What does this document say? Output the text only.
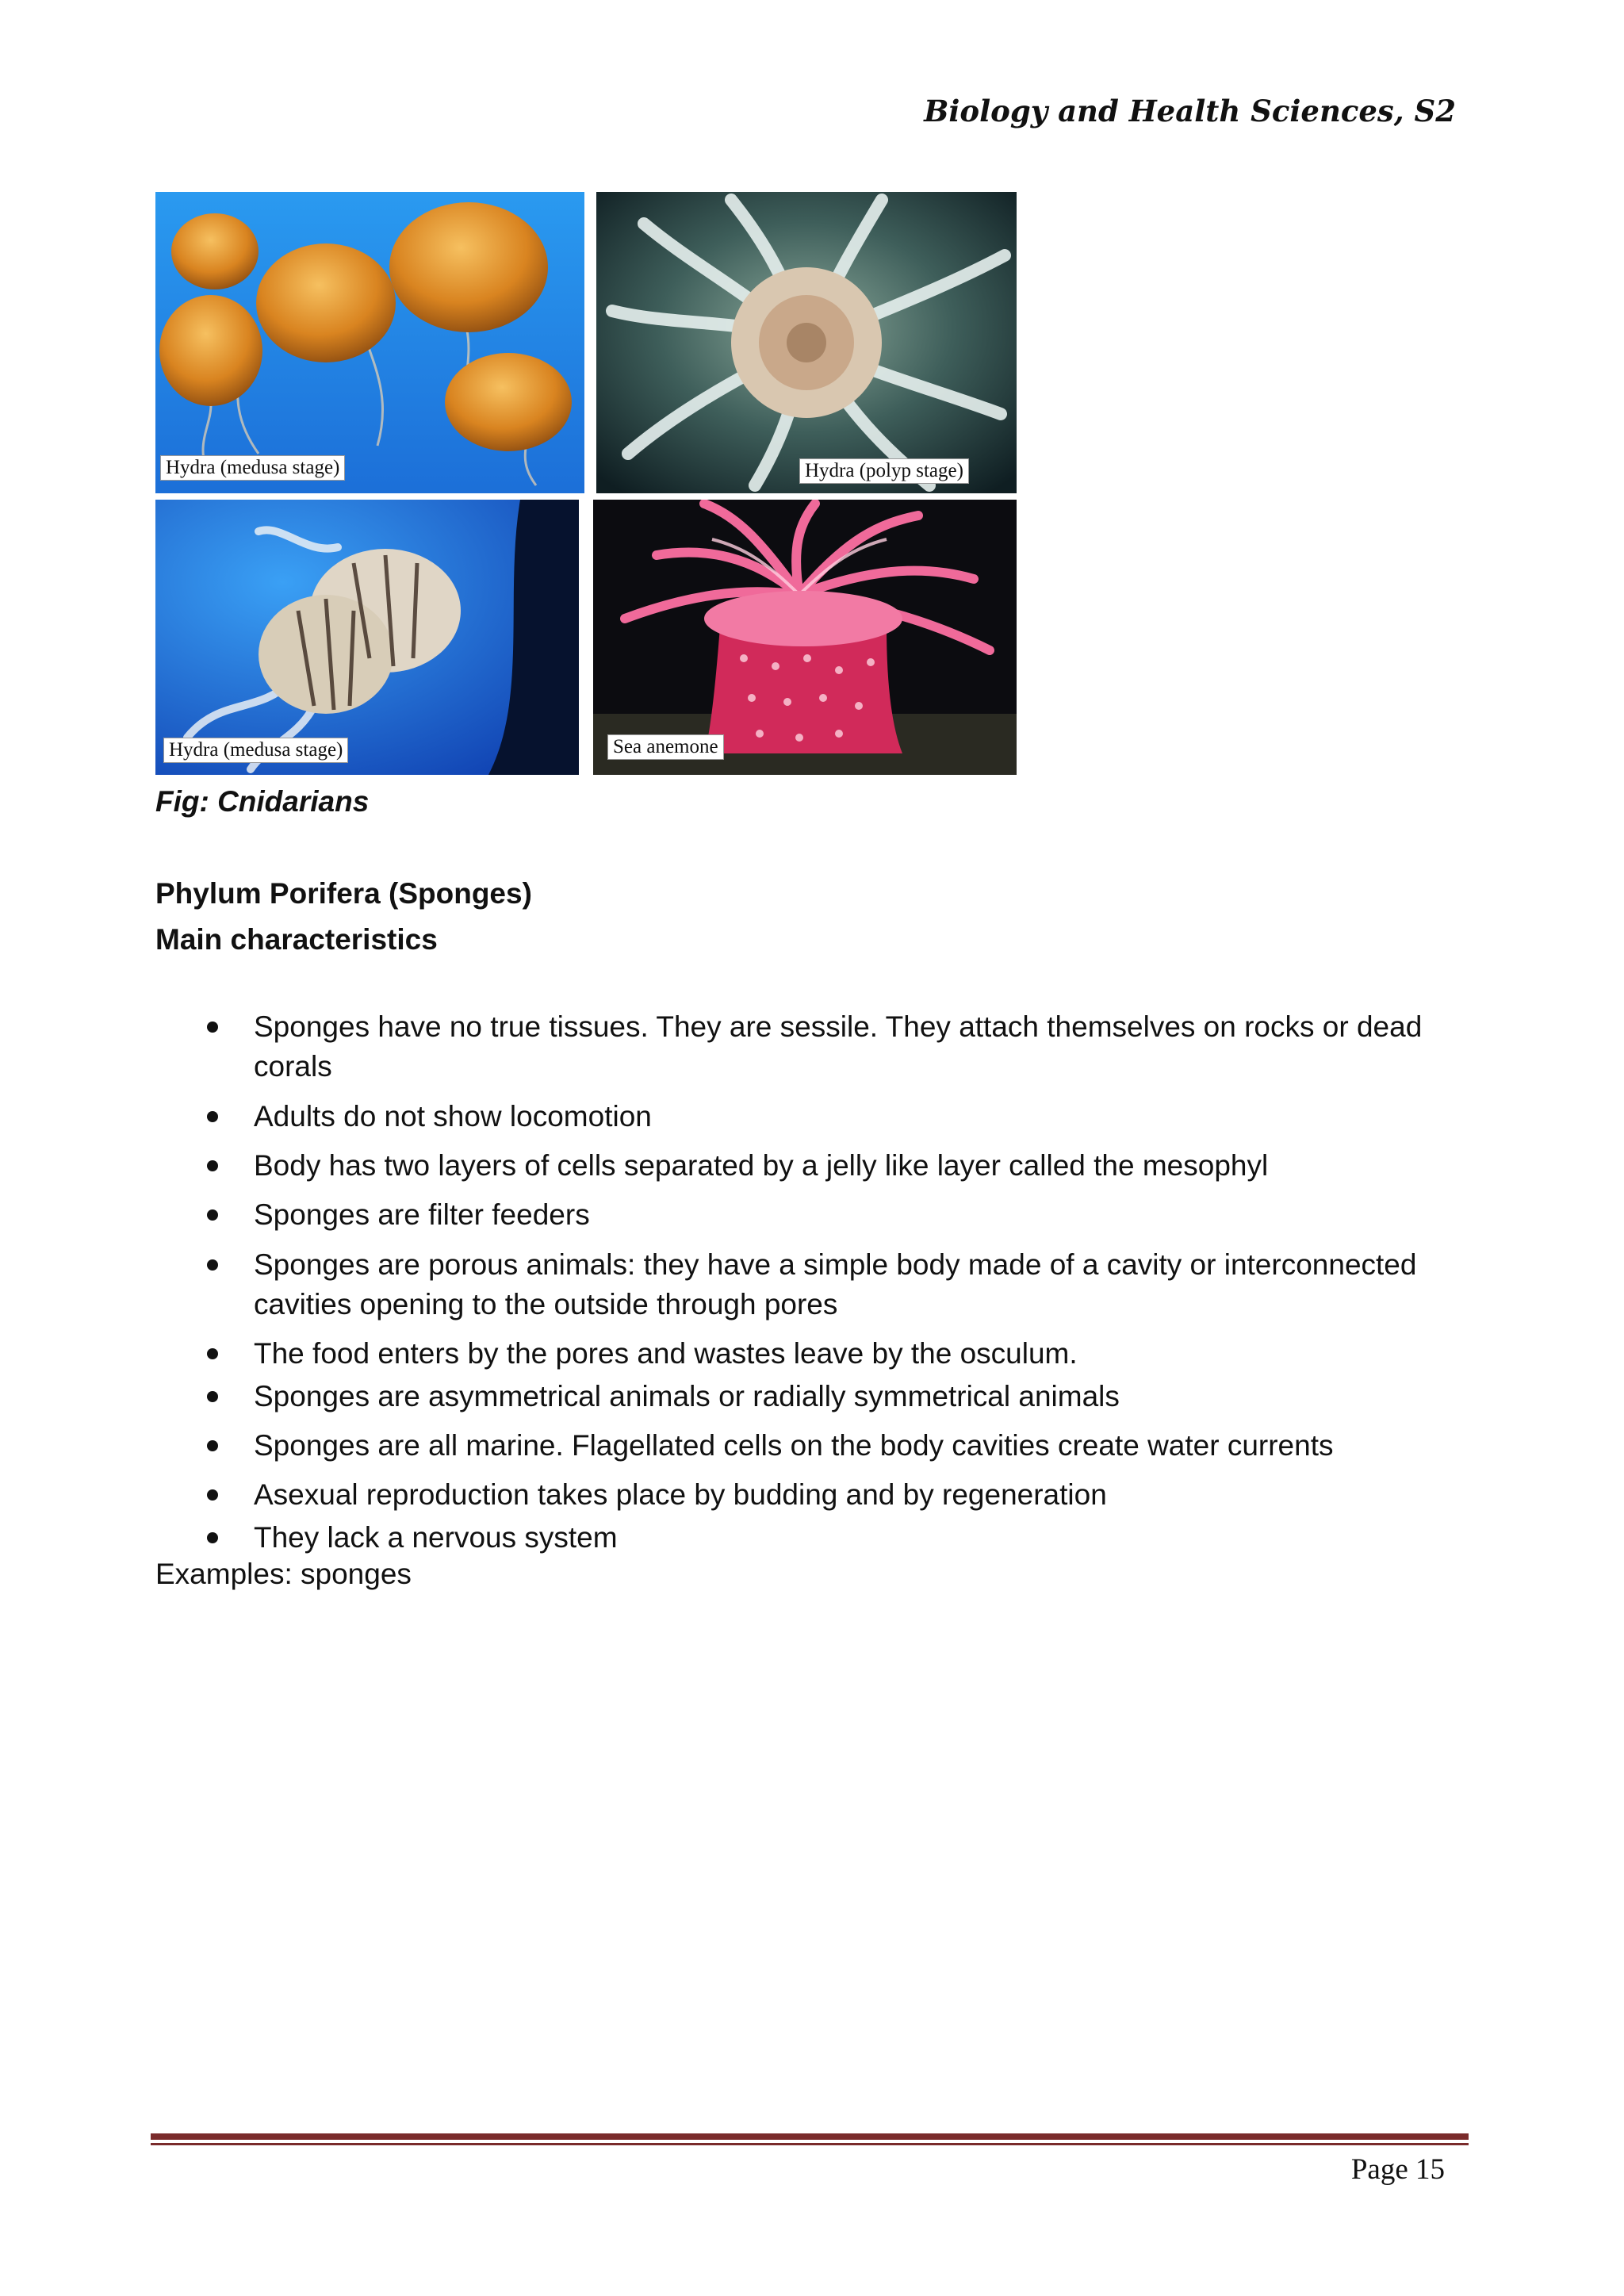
Biology and Health Sciences, S2
Hydra (medusa stage)	Hydra (polyp stage)
Hydra (medusa stage)	Sea anemone
Fig: Cnidarians
Phylum Porifera (Sponges)
Main characteristics
Sponges have no true tissues. They are sessile. They attach themselves on rocks or dead corals
Adults do not show locomotion
Body has two layers of cells separated by a jelly like layer called the mesophyl
Sponges are filter feeders
Sponges are porous animals: they have a simple body made of a cavity or interconnected cavities opening to the outside through pores
The food enters by the pores and wastes leave by the osculum.
Sponges are asymmetrical animals or radially symmetrical animals
Sponges are all marine. Flagellated cells on the body cavities create water currents
Asexual reproduction takes place by budding and by regeneration
They lack a nervous system
Examples: sponges
Page 15
